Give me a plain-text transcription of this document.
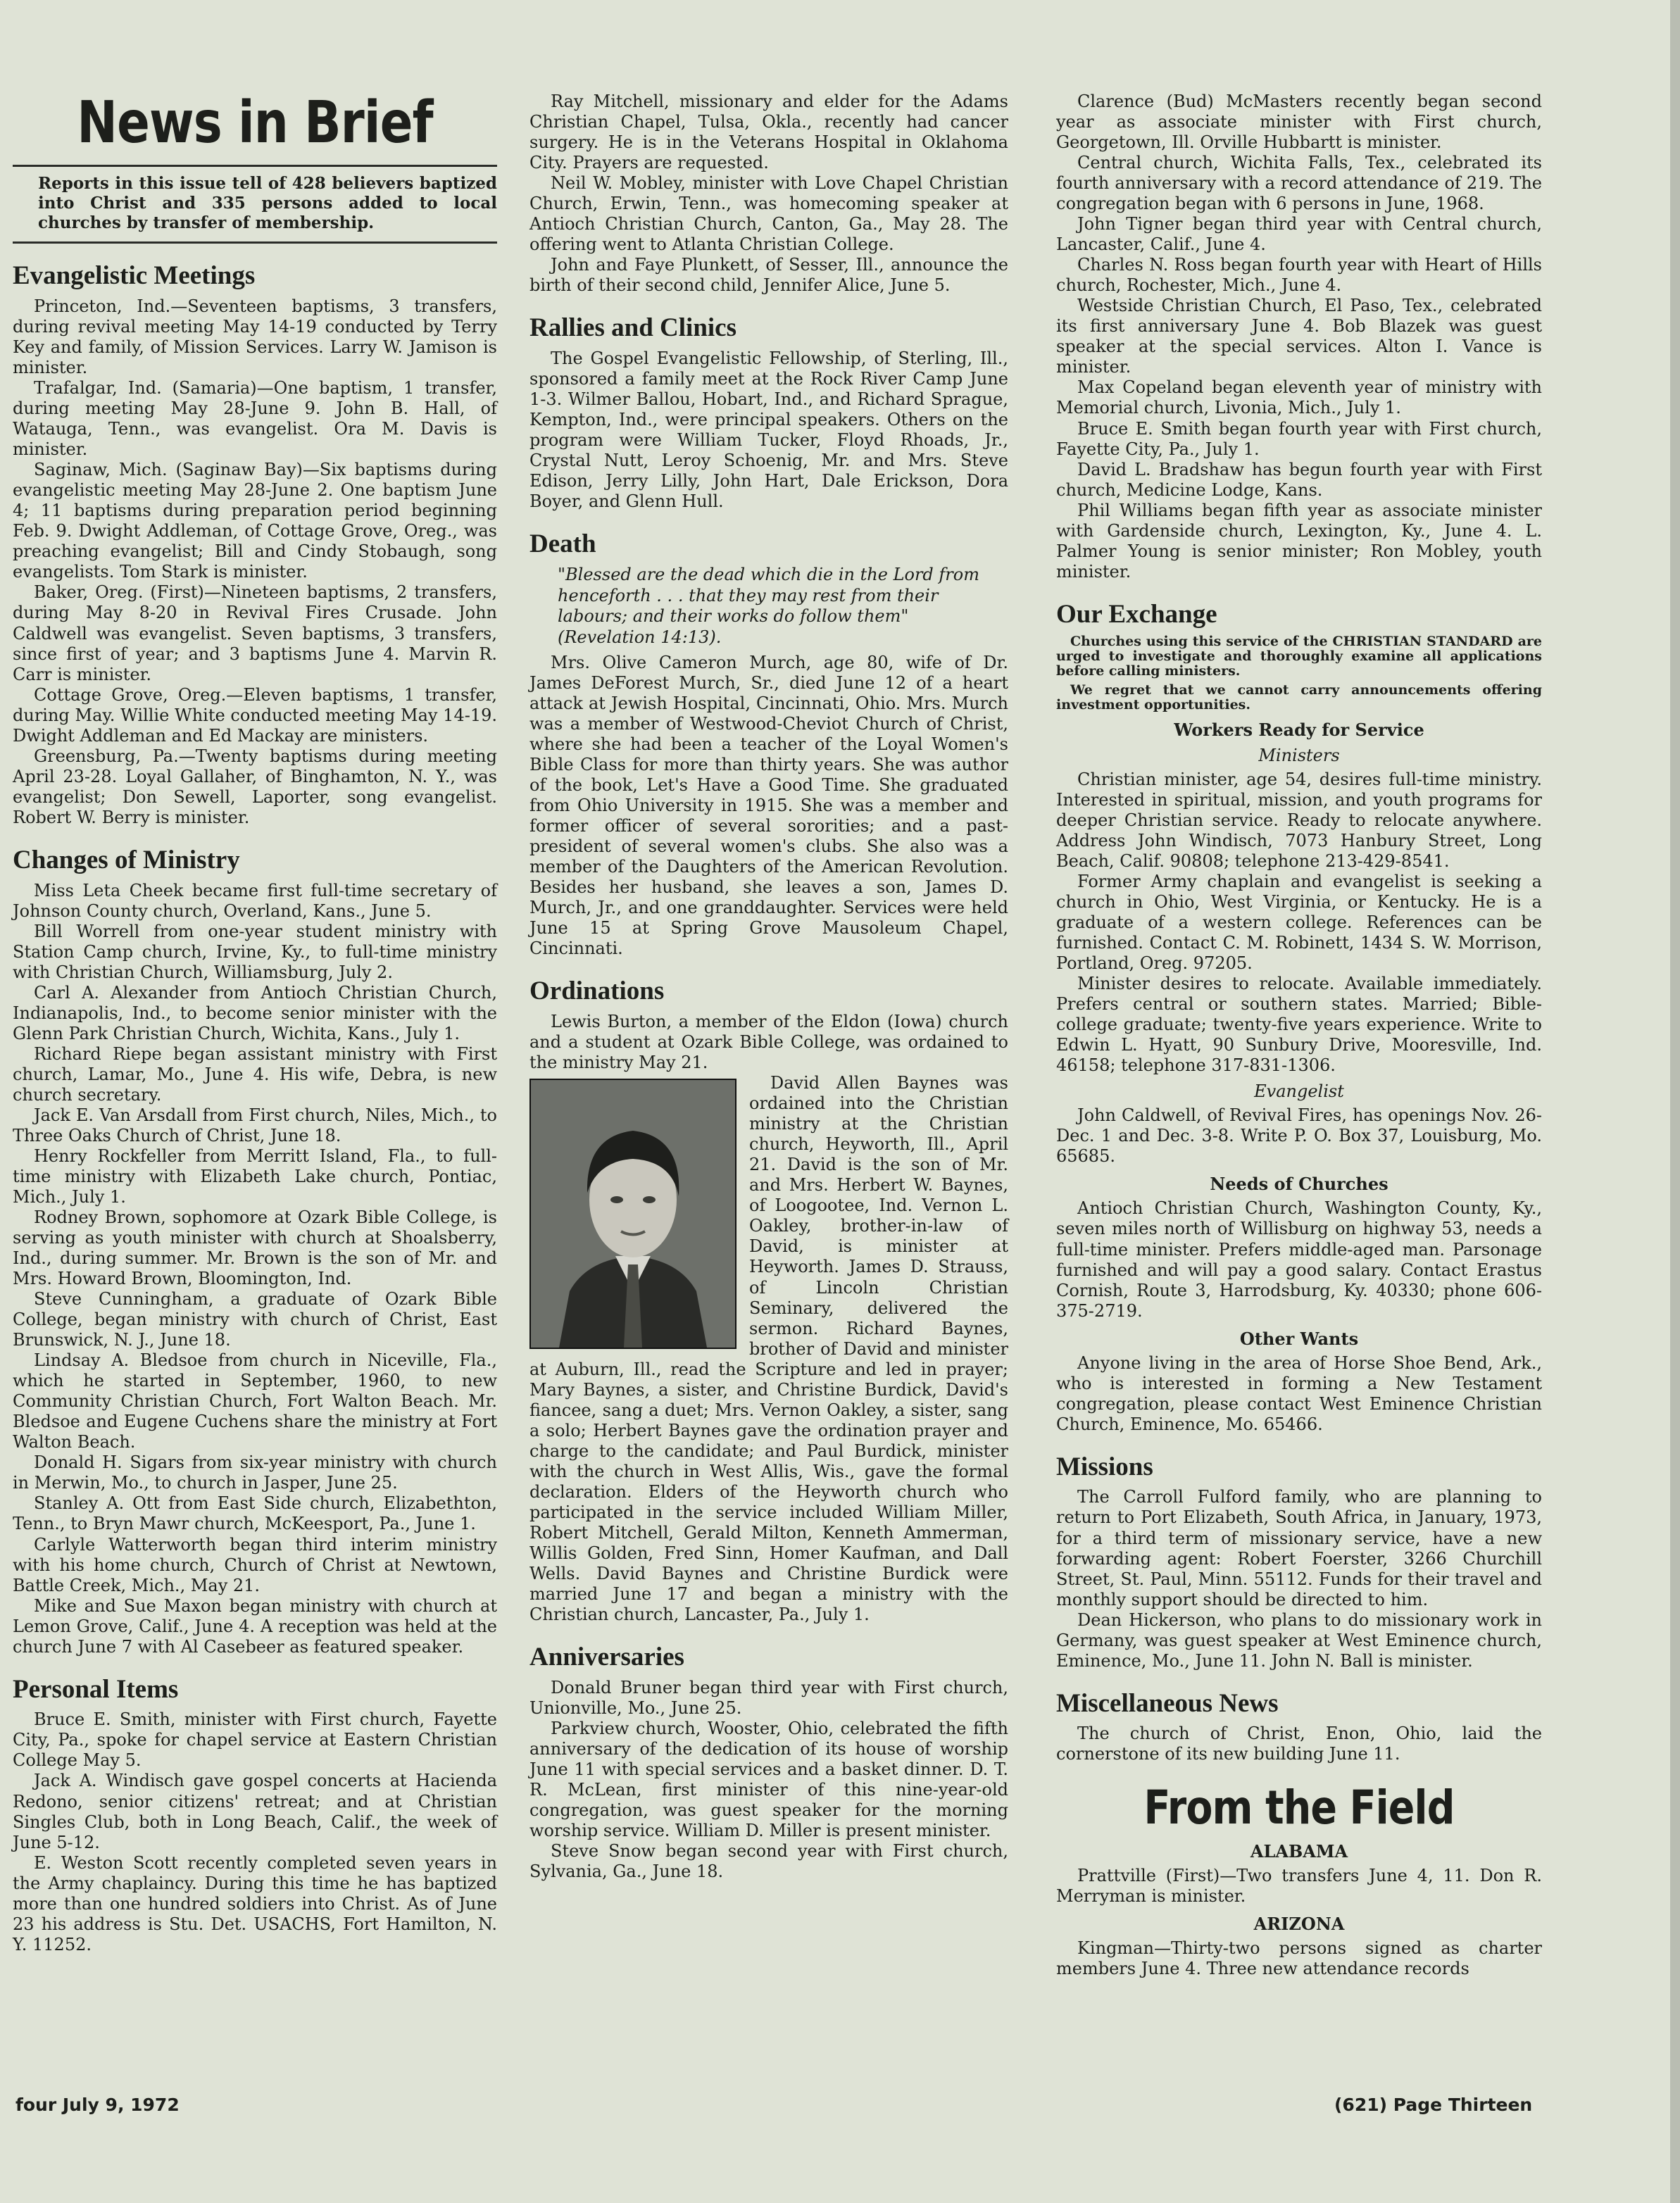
News in Brief
Reports in this issue tell of 428 believers baptized into Christ and 335 persons added to local churches by transfer of membership.
Evangelistic Meetings

Princeton, Ind.—Seventeen baptisms, 3 transfers, during revival meeting May 14-19 conducted by Terry Key and family, of Mission Services. Larry W. Jamison is minister.

Trafalgar, Ind. (Samaria)—One baptism, 1 transfer, during meeting May 28-June 9. John B. Hall, of Watauga, Tenn., was evangelist. Ora M. Davis is minister.

Saginaw, Mich. (Saginaw Bay)—Six baptisms during evangelistic meeting May 28-June 2. One baptism June 4; 11 baptisms during preparation period beginning Feb. 9. Dwight Addleman, of Cottage Grove, Oreg., was preaching evangelist; Bill and Cindy Stobaugh, song evangelists. Tom Stark is minister.

Baker, Oreg. (First)—Nineteen baptisms, 2 transfers, during May 8-20 in Revival Fires Crusade. John Caldwell was evangelist. Seven baptisms, 3 transfers, since first of year; and 3 baptisms June 4. Marvin R. Carr is minister.

Cottage Grove, Oreg.—Eleven baptisms, 1 transfer, during May. Willie White conducted meeting May 14-19. Dwight Addleman and Ed Mackay are ministers.

Greensburg, Pa.—Twenty baptisms during meeting April 23-28. Loyal Gallaher, of Binghamton, N. Y., was evangelist; Don Sewell, Laporter, song evangelist. Robert W. Berry is minister.

Changes of Ministry

Miss Leta Cheek became first full-time secretary of Johnson County church, Overland, Kans., June 5.

Bill Worrell from one-year student ministry with Station Camp church, Irvine, Ky., to full-time ministry with Christian Church, Williamsburg, July 2.

Carl A. Alexander from Antioch Christian Church, Indianapolis, Ind., to become senior minister with the Glenn Park Christian Church, Wichita, Kans., July 1.

Richard Riepe began assistant ministry with First church, Lamar, Mo., June 4. His wife, Debra, is new church secretary.

Jack E. Van Arsdall from First church, Niles, Mich., to Three Oaks Church of Christ, June 18.

Henry Rockfeller from Merritt Island, Fla., to full-time ministry with Elizabeth Lake church, Pontiac, Mich., July 1.

Rodney Brown, sophomore at Ozark Bible College, is serving as youth minister with church at Shoalsberry, Ind., during summer. Mr. Brown is the son of Mr. and Mrs. Howard Brown, Bloomington, Ind.

Steve Cunningham, a graduate of Ozark Bible College, began ministry with church of Christ, East Brunswick, N. J., June 18.

Lindsay A. Bledsoe from church in Niceville, Fla., which he started in September, 1960, to new Community Christian Church, Fort Walton Beach. Mr. Bledsoe and Eugene Cuchens share the ministry at Fort Walton Beach.

Donald H. Sigars from six-year ministry with church in Merwin, Mo., to church in Jasper, June 25.

Stanley A. Ott from East Side church, Elizabethton, Tenn., to Bryn Mawr church, McKeesport, Pa., June 1.

Carlyle Watterworth began third interim ministry with his home church, Church of Christ at Newtown, Battle Creek, Mich., May 21.

Mike and Sue Maxon began ministry with church at Lemon Grove, Calif., June 4. A reception was held at the church June 7 with Al Casebeer as featured speaker.

Personal Items

Bruce E. Smith, minister with First church, Fayette City, Pa., spoke for chapel service at Eastern Christian College May 5.

Jack A. Windisch gave gospel concerts at Hacienda Redono, senior citizens' retreat; and at Christian Singles Club, both in Long Beach, Calif., the week of June 5-12.

E. Weston Scott recently completed seven years in the Army chaplaincy. During this time he has baptized more than one hundred soldiers into Christ. As of June 23 his address is Stu. Det. USACHS, Fort Hamilton, N. Y. 11252.

Ray Mitchell, missionary and elder for the Adams Christian Chapel, Tulsa, Okla., recently had cancer surgery. He is in the Veterans Hospital in Oklahoma City. Prayers are requested.

Neil W. Mobley, minister with Love Chapel Christian Church, Erwin, Tenn., was homecoming speaker at Antioch Christian Church, Canton, Ga., May 28. The offering went to Atlanta Christian College.

John and Faye Plunkett, of Sesser, Ill., announce the birth of their second child, Jennifer Alice, June 5.

Rallies and Clinics

The Gospel Evangelistic Fellowship, of Sterling, Ill., sponsored a family meet at the Rock River Camp June 1-3. Wilmer Ballou, Hobart, Ind., and Richard Sprague, Kempton, Ind., were principal speakers. Others on the program were William Tucker, Floyd Rhoads, Jr., Crystal Nutt, Leroy Schoenig, Mr. and Mrs. Steve Edison, Jerry Lilly, John Hart, Dale Erickson, Dora Boyer, and Glenn Hull.

Death
"Blessed are the dead which die in the Lord from henceforth . . . that they may rest from their labours; and their works do follow them" (Revelation 14:13).

Mrs. Olive Cameron Murch, age 80, wife of Dr. James DeForest Murch, Sr., died June 12 of a heart attack at Jewish Hospital, Cincinnati, Ohio. Mrs. Murch was a member of Westwood-Cheviot Church of Christ, where she had been a teacher of the Loyal Women's Bible Class for more than thirty years. She was author of the book, Let's Have a Good Time. She graduated from Ohio University in 1915. She was a member and former officer of several sororities; and a past-president of several women's clubs. She also was a member of the Daughters of the American Revolution. Besides her husband, she leaves a son, James D. Murch, Jr., and one granddaughter. Services were held June 15 at Spring Grove Mausoleum Chapel, Cincinnati.

Ordinations

Lewis Burton, a member of the Eldon (Iowa) church and a student at Ozark Bible College, was ordained to the ministry May 21.

David Allen Baynes was ordained into the Christian ministry at the Christian church, Heyworth, Ill., April 21. David is the son of Mr. and Mrs. Herbert W. Baynes, of Loogootee, Ind. Vernon L. Oakley, brother-in-law of David, is minister at Heyworth. James D. Strauss, of Lincoln Christian Seminary, delivered the sermon. Richard Baynes, brother of David and minister at Auburn, Ill., read the Scripture and led in prayer; Mary Baynes, a sister, and Christine Burdick, David's fiancee, sang a duet; Mrs. Vernon Oakley, a sister, sang a solo; Herbert Baynes gave the ordination prayer and charge to the candidate; and Paul Burdick, minister with the church in West Allis, Wis., gave the formal declaration. Elders of the Heyworth church who participated in the service included William Miller, Robert Mitchell, Gerald Milton, Kenneth Ammerman, Willis Golden, Fred Sinn, Homer Kaufman, and Dall Wells. David Baynes and Christine Burdick were married June 17 and began a ministry with the Christian church, Lancaster, Pa., July 1.

Anniversaries

Donald Bruner began third year with First church, Unionville, Mo., June 25.

Parkview church, Wooster, Ohio, celebrated the fifth anniversary of the dedication of its house of worship June 11 with special services and a basket dinner. D. T. R. McLean, first minister of this nine-year-old congregation, was guest speaker for the morning worship service. William D. Miller is present minister.

Steve Snow began second year with First church, Sylvania, Ga., June 18.

Clarence (Bud) McMasters recently began second year as associate minister with First church, Georgetown, Ill. Orville Hubbartt is minister.

Central church, Wichita Falls, Tex., celebrated its fourth anniversary with a record attendance of 219. The congregation began with 6 persons in June, 1968.

John Tigner began third year with Central church, Lancaster, Calif., June 4.

Charles N. Ross began fourth year with Heart of Hills church, Rochester, Mich., June 4.

Westside Christian Church, El Paso, Tex., celebrated its first anniversary June 4. Bob Blazek was guest speaker at the special services. Alton I. Vance is minister.

Max Copeland began eleventh year of ministry with Memorial church, Livonia, Mich., July 1.

Bruce E. Smith began fourth year with First church, Fayette City, Pa., July 1.

David L. Bradshaw has begun fourth year with First church, Medicine Lodge, Kans.

Phil Williams began fifth year as associate minister with Gardenside church, Lexington, Ky., June 4. L. Palmer Young is senior minister; Ron Mobley, youth minister.

Our Exchange

Churches using this service of the CHRISTIAN STANDARD are urged to investigate and thoroughly examine all applications before calling ministers.

We regret that we cannot carry announcements offering investment opportunities.

Workers Ready for Service
Ministers

Christian minister, age 54, desires full-time ministry. Interested in spiritual, mission, and youth programs for deeper Christian service. Ready to relocate anywhere. Address John Windisch, 7073 Hanbury Street, Long Beach, Calif. 90808; telephone 213-429-8541.

Former Army chaplain and evangelist is seeking a church in Ohio, West Virginia, or Kentucky. He is a graduate of a western college. References can be furnished. Contact C. M. Robinett, 1434 S. W. Morrison, Portland, Oreg. 97205.

Minister desires to relocate. Available immediately. Prefers central or southern states. Married; Bible-college graduate; twenty-five years experience. Write to Edwin L. Hyatt, 90 Sunbury Drive, Mooresville, Ind. 46158; telephone 317-831-1306.

Evangelist

John Caldwell, of Revival Fires, has openings Nov. 26-Dec. 1 and Dec. 3-8. Write P. O. Box 37, Louisburg, Mo. 65685.

Needs of Churches

Antioch Christian Church, Washington County, Ky., seven miles north of Willisburg on highway 53, needs a full-time minister. Prefers middle-aged man. Parsonage furnished and will pay a good salary. Contact Erastus Cornish, Route 3, Harrodsburg, Ky. 40330; phone 606-375-2719.

Other Wants

Anyone living in the area of Horse Shoe Bend, Ark., who is interested in forming a New Testament congregation, please contact West Eminence Christian Church, Eminence, Mo. 65466.

Missions

The Carroll Fulford family, who are planning to return to Port Elizabeth, South Africa, in January, 1973, for a third term of missionary service, have a new forwarding agent: Robert Foerster, 3266 Churchill Street, St. Paul, Minn. 55112. Funds for their travel and monthly support should be directed to him.

Dean Hickerson, who plans to do missionary work in Germany, was guest speaker at West Eminence church, Eminence, Mo., June 11. John N. Ball is minister.

Miscellaneous News

The church of Christ, Enon, Ohio, laid the cornerstone of its new building June 11.

From the Field
ALABAMA

Prattville (First)—Two transfers June 4, 11. Don R. Merryman is minister.

ARIZONA

Kingman—Thirty-two persons signed as charter members June 4. Three new attendance records

four July 9, 1972	(621) Page Thirteen
